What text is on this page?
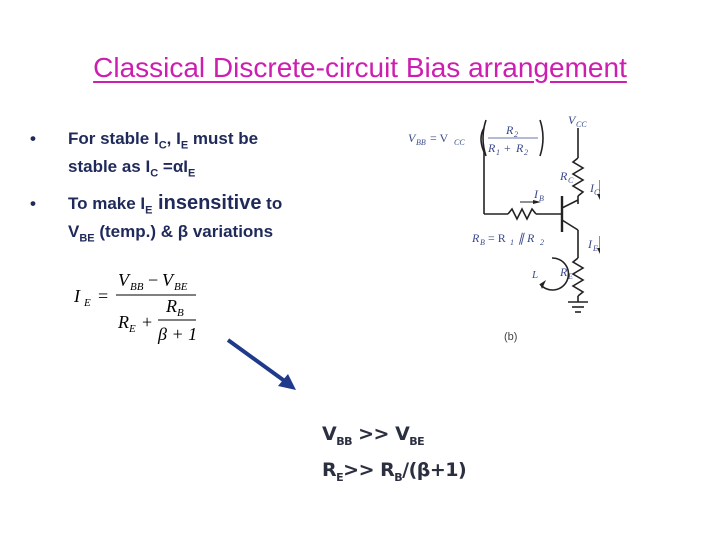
Classical Discrete-circuit Bias arrangement
• For stable $I_C$, $I_E$ must be
stable as $I_C =\alpha I_E$
• To make $I_E$ insensitive to
$V_{BE}$ (temp.) & β variations
I E =
V BB − V BE
R E +
R B
β + 1
V CC
V BB = V CC
R 2
R 1 + R 2
R C
I B
I C
R B = R 1 ∥ R 2	I E
L R E
(b)
$V_{BB} >> V_{BE}$
$R_E>> R_B/(\beta+1)$
